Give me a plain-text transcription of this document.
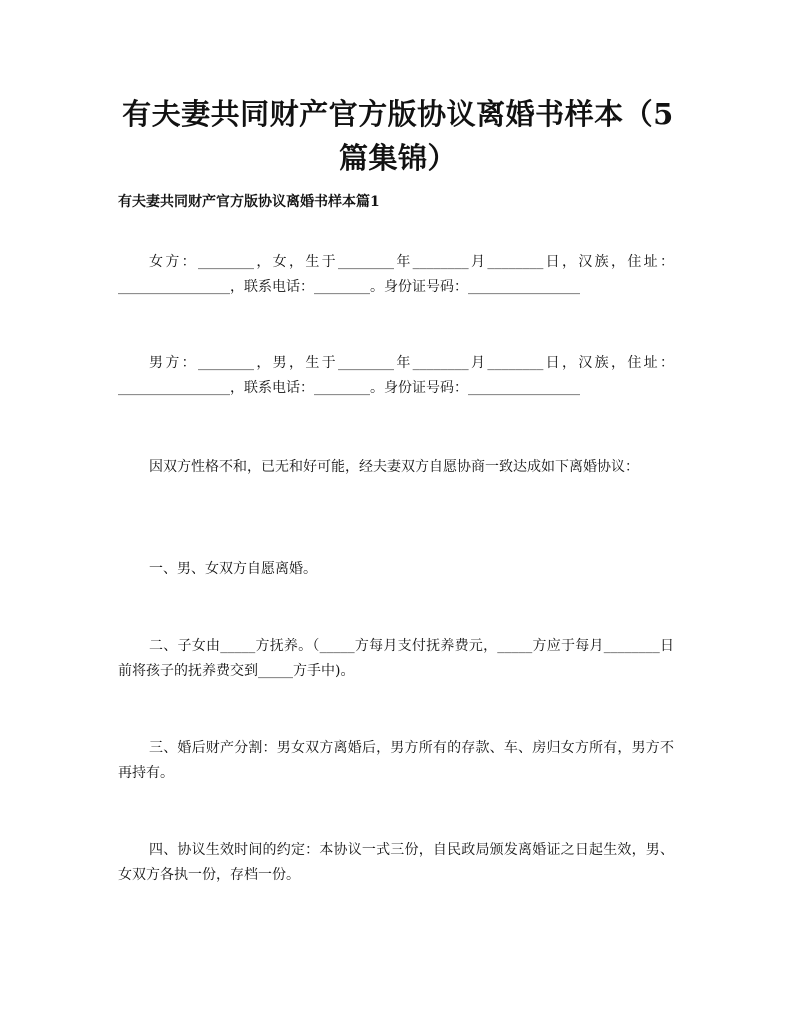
有夫妻共同财产官方版协议离婚书样本（5篇集锦）
有夫妻共同财产官方版协议离婚书样本篇1

女方：________，女，生于________年________月________日，汉族，住址：________________，联系电话：________。身份证号码：________________

男方：________，男，生于________年________月________日，汉族，住址：________________，联系电话：________。身份证号码：________________

因双方性格不和，已无和好可能，经夫妻双方自愿协商一致达成如下离婚协议：

一、男、女双方自愿离婚。

二、子女由_____方抚养。（_____方每月支付抚养费元，_____方应于每月________日前将孩子的抚养费交到_____方手中)。

三、婚后财产分割：男女双方离婚后，男方所有的存款、车、房归女方所有，男方不再持有。

四、协议生效时间的约定：本协议一式三份，自民政局颁发离婚证之日起生效，男、女双方各执一份，存档一份。
